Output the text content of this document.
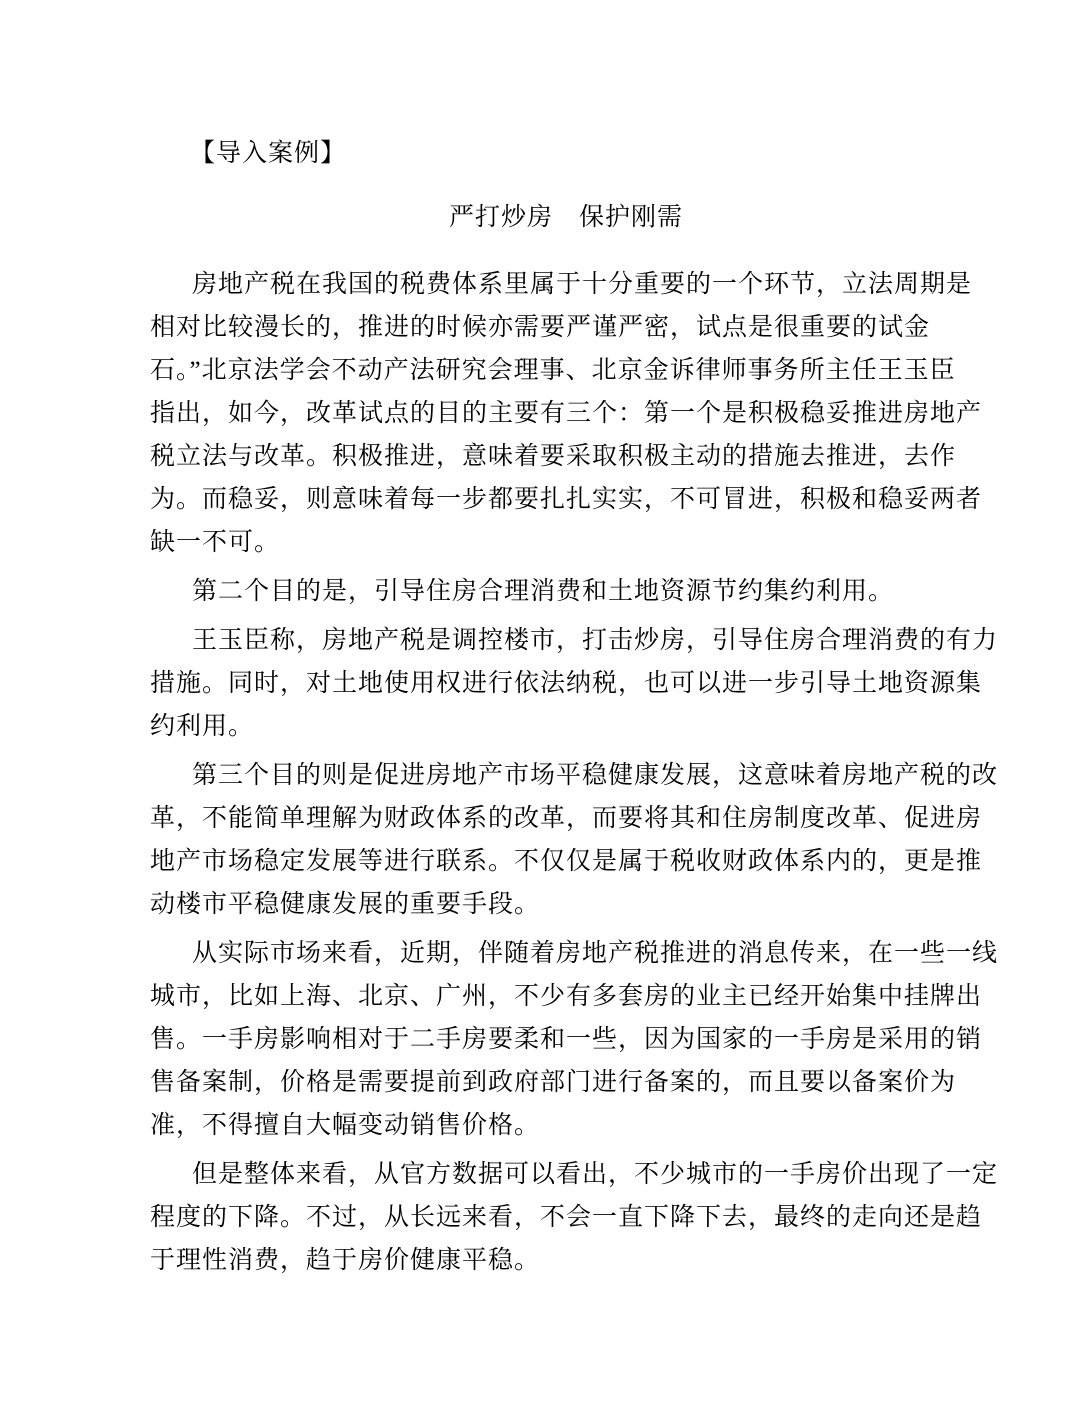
【导入案例】
严打炒房　保护刚需
房地产税在我国的税费体系里属于十分重要的一个环节，立法周期是
相对比较漫长的，推进的时候亦需要严谨严密，试点是很重要的试金
石。”北京法学会不动产法研究会理事、北京金诉律师事务所主任王玉臣
指出，如今，改革试点的目的主要有三个：第一个是积极稳妥推进房地产
税立法与改革。积极推进，意味着要采取积极主动的措施去推进，去作
为。而稳妥，则意味着每一步都要扎扎实实，不可冒进，积极和稳妥两者
缺一不可。
第二个目的是，引导住房合理消费和土地资源节约集约利用。
王玉臣称，房地产税是调控楼市，打击炒房，引导住房合理消费的有力
措施。同时，对土地使用权进行依法纳税，也可以进一步引导土地资源集
约利用。
第三个目的则是促进房地产市场平稳健康发展，这意味着房地产税的改
革，不能简单理解为财政体系的改革，而要将其和住房制度改革、促进房
地产市场稳定发展等进行联系。不仅仅是属于税收财政体系内的，更是推
动楼市平稳健康发展的重要手段。
从实际市场来看，近期，伴随着房地产税推进的消息传来，在一些一线
城市，比如上海、北京、广州，不少有多套房的业主已经开始集中挂牌出
售。一手房影响相对于二手房要柔和一些，因为国家的一手房是采用的销
售备案制，价格是需要提前到政府部门进行备案的，而且要以备案价为
准，不得擅自大幅变动销售价格。
但是整体来看，从官方数据可以看出，不少城市的一手房价出现了一定
程度的下降。不过，从长远来看，不会一直下降下去，最终的走向还是趋
于理性消费，趋于房价健康平稳。
